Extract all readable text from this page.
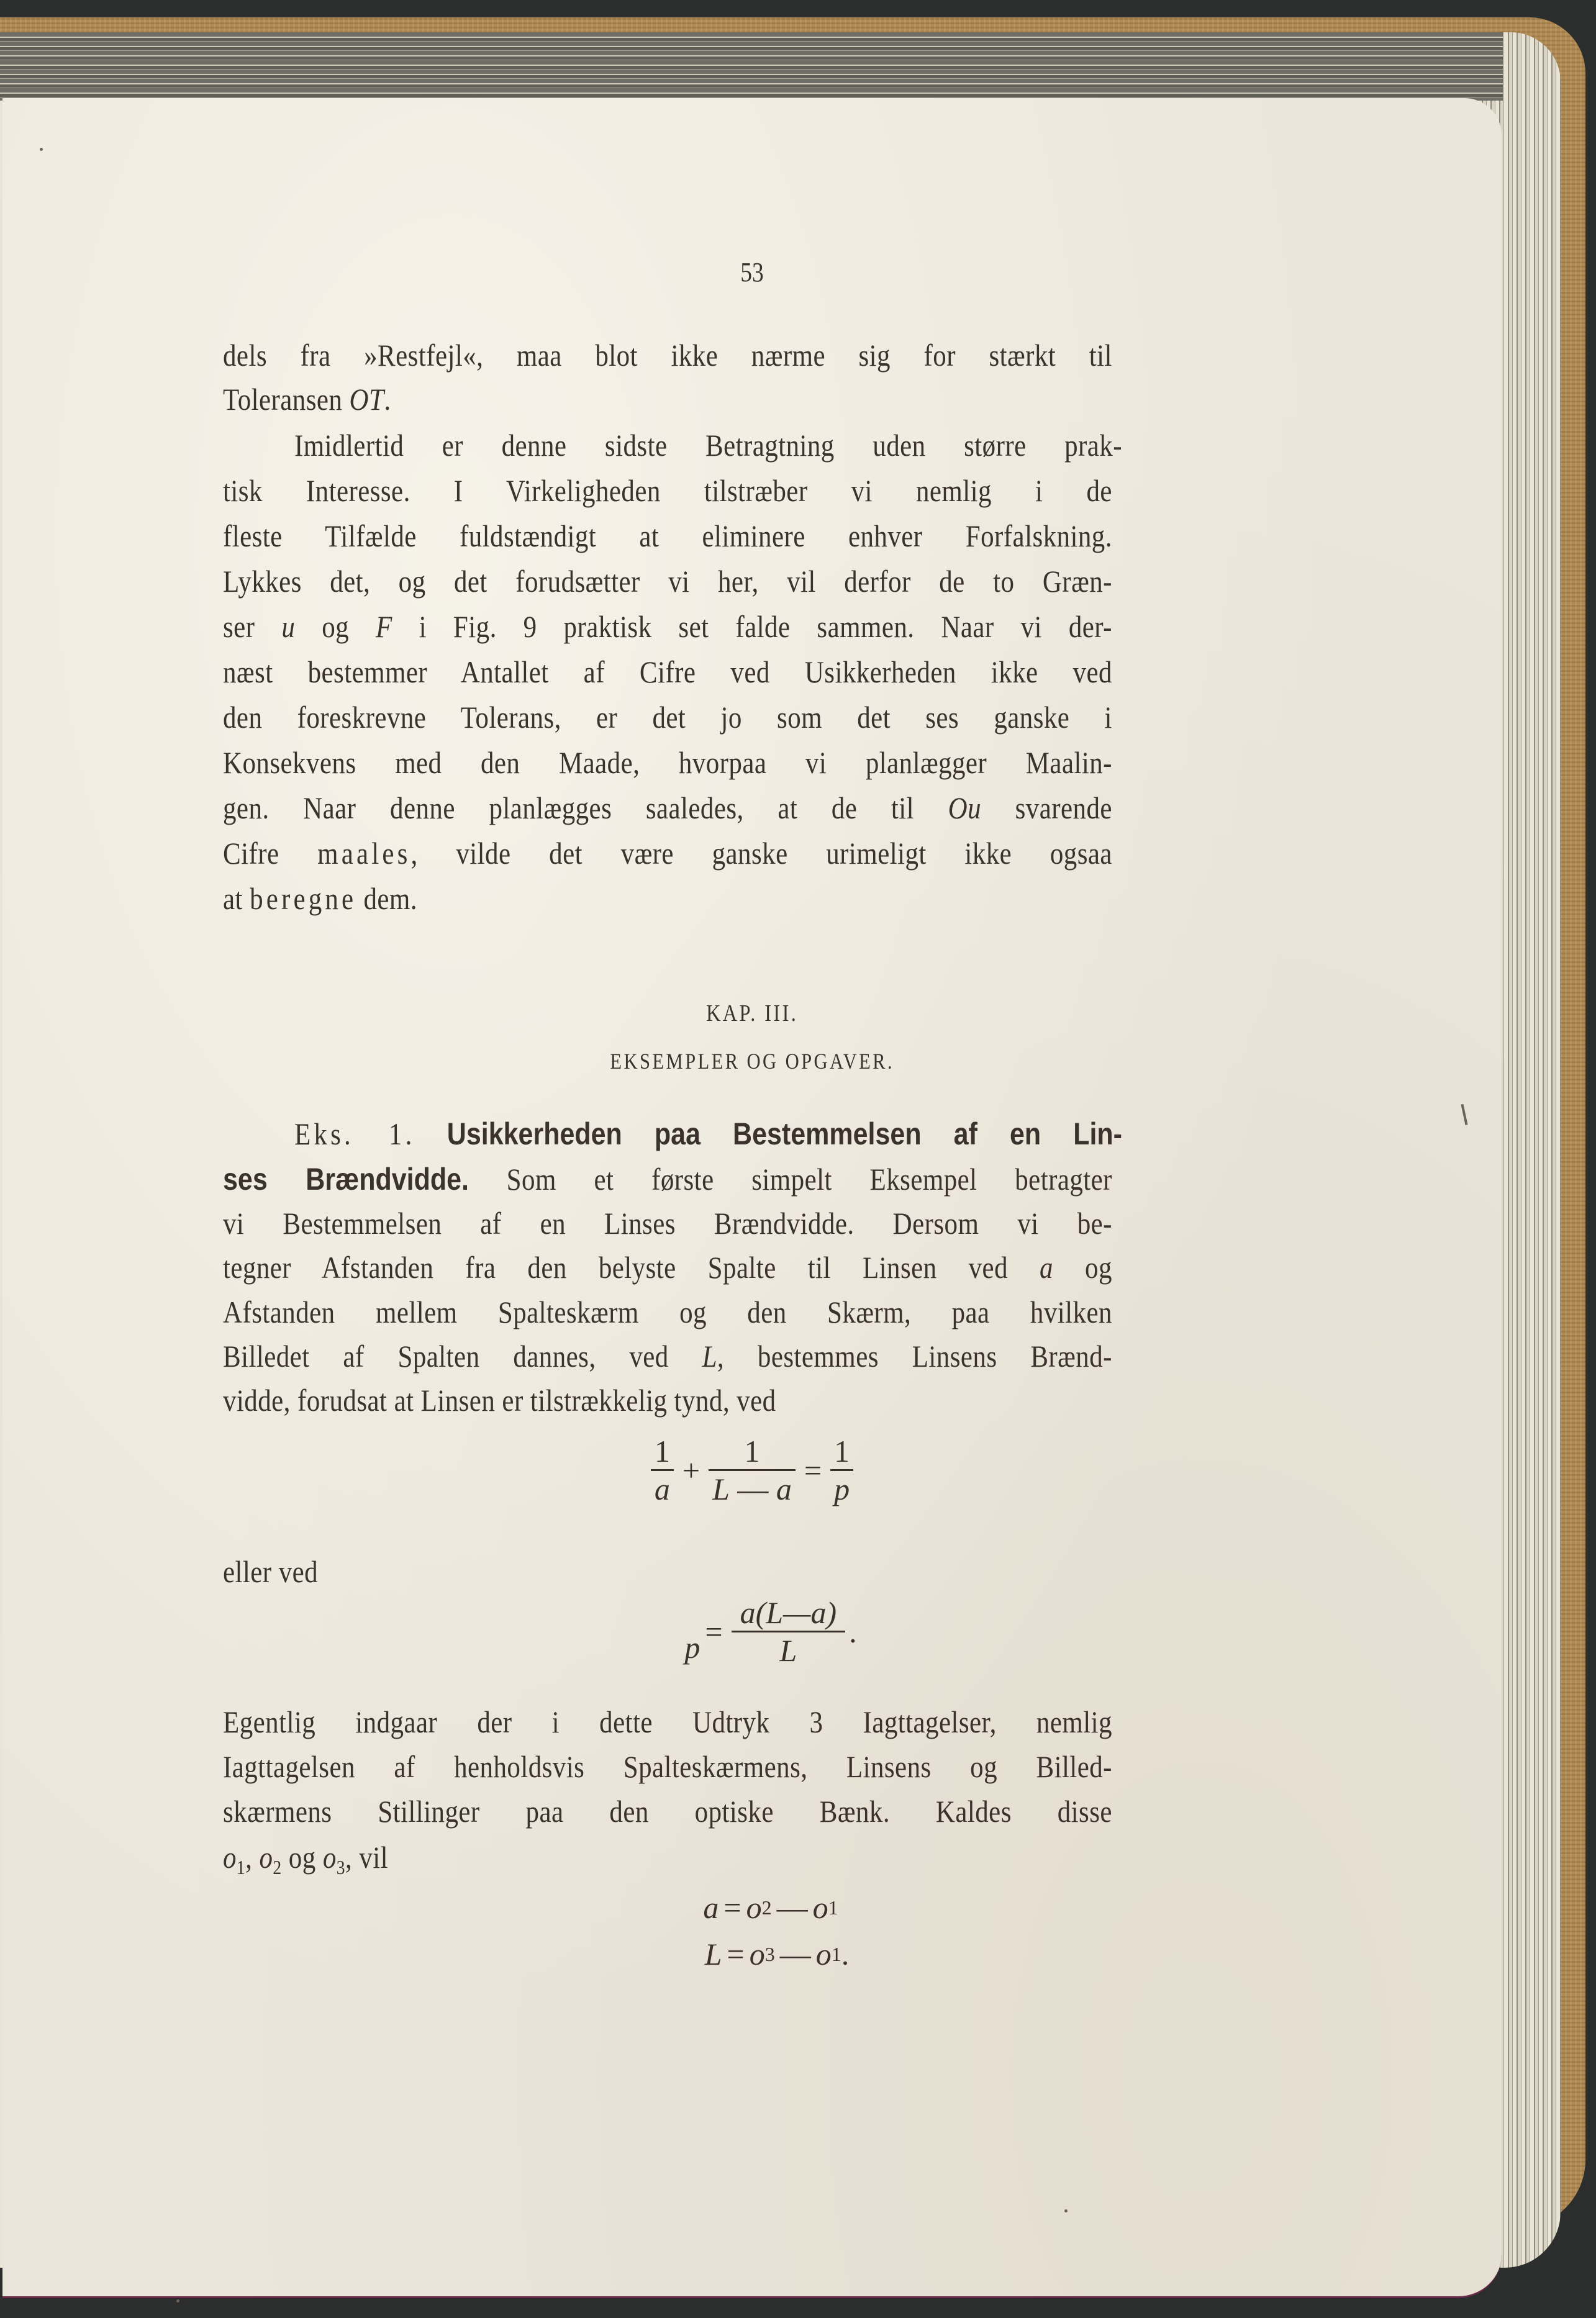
53
dels fra »Restfejl«, maa blot ikke nærme sig for stærkt til
Toleransen OT.
Imidlertid er denne sidste Betragtning uden større prak-
tisk Interesse. I Virkeligheden tilstræber vi nemlig i de
fleste Tilfælde fuldstændigt at eliminere enhver Forfalskning.
Lykkes det, og det forudsætter vi her, vil derfor de to Græn-
ser u og F i Fig. 9 praktisk set falde sammen. Naar vi der-
næst bestemmer Antallet af Cifre ved Usikkerheden ikke ved
den foreskrevne Tolerans, er det jo som det ses ganske i
Konsekvens med den Maade, hvorpaa vi planlægger Maalin-
gen. Naar denne planlægges saaledes, at de til Ou svarende
Cifre maales, vilde det være ganske urimeligt ikke ogsaa
at beregne dem.
KAP. III.
EKSEMPLER OG OPGAVER.
Eks. 1. Usikkerheden paa Bestemmelsen af en Lin-
ses Brændvidde. Som et første simpelt Eksempel betragter
vi Bestemmelsen af en Linses Brændvidde. Dersom vi be-
tegner Afstanden fra den belyste Spalte til Linsen ved a og
Afstanden mellem Spalteskærm og den Skærm, paa hvilken
Billedet af Spalten dannes, ved L, bestemmes Linsens Brænd-
vidde, forudsat at Linsen er tilstrækkelig tynd, ved
$\frac{1}{a} + \frac{1}{L — a} = \frac{1}{p}$
eller ved
$p = \frac{a(L—a)}{L}$ .
Egentlig indgaar der i dette Udtryk 3 Iagttagelser, nemlig
Iagttagelsen af henholdsvis Spalteskærmens, Linsens og Billed-
skærmens Stillinger paa den optiske Bænk. Kaldes disse
$o_1$, $o_2$ og $o_3$, vil
a = o 2 — o 1
L = o 3 — o 1 .
